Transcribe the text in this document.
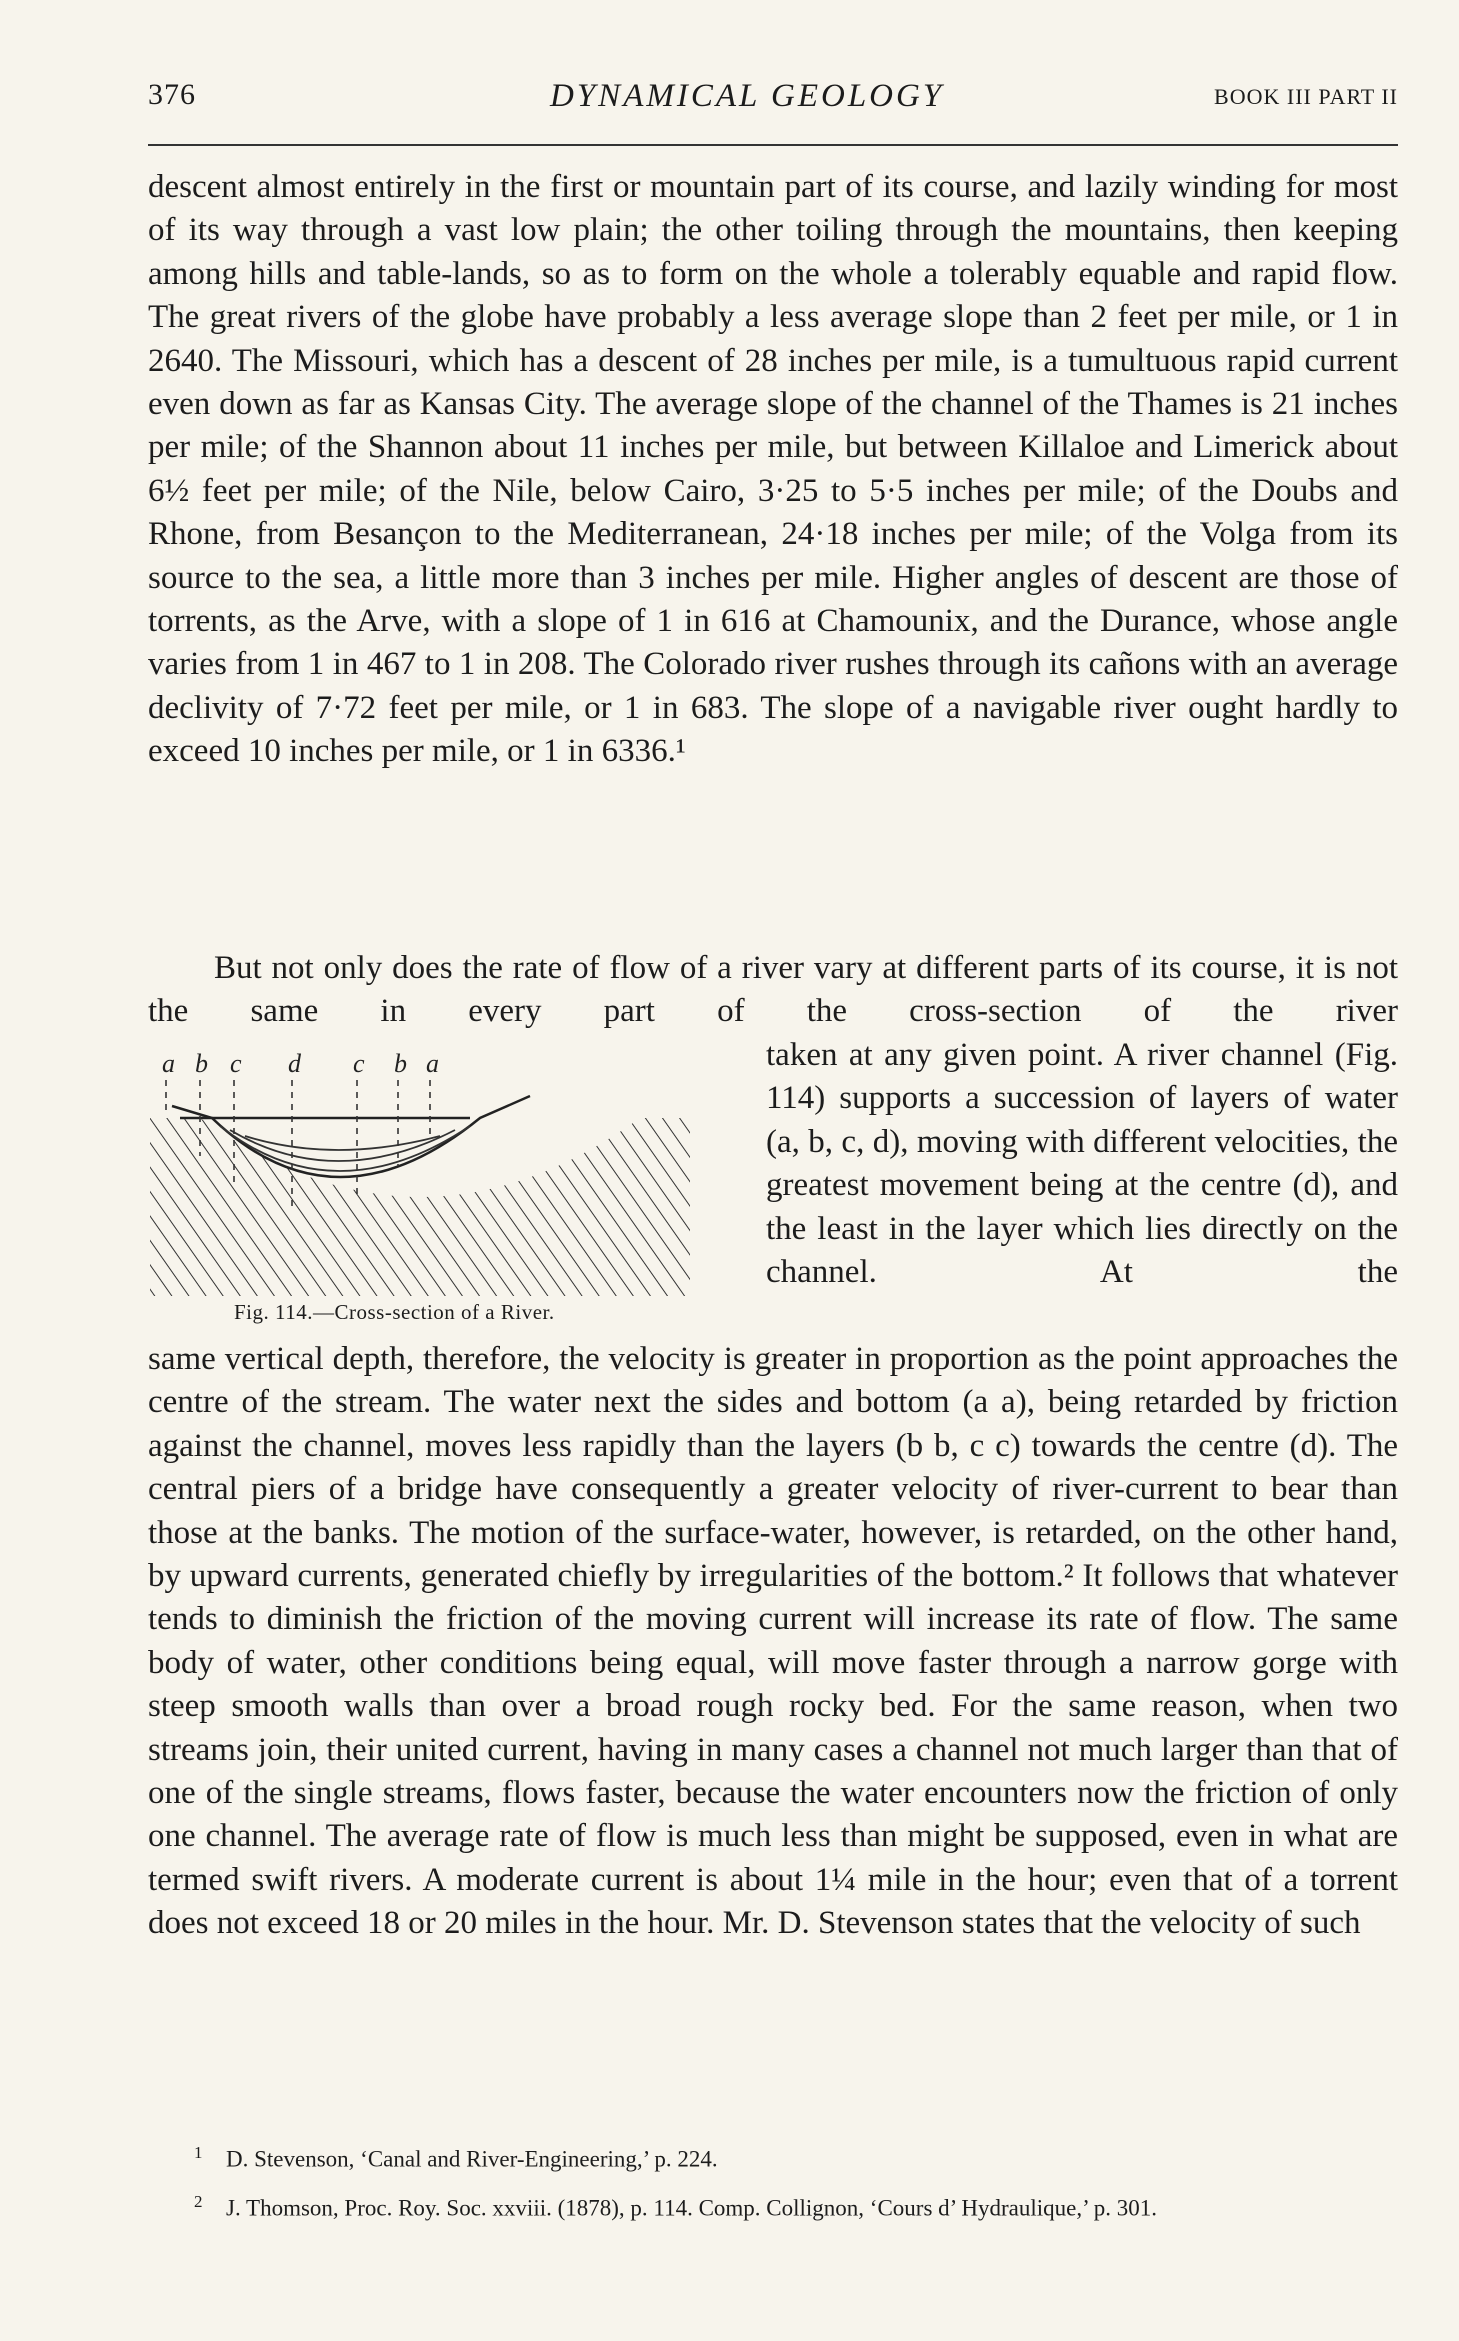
376	DYNAMICAL GEOLOGY	BOOK III PART II

descent almost entirely in the first or mountain part of its course, and lazily winding for most of its way through a vast low plain; the other toiling through the mountains, then keeping among hills and table-lands, so as to form on the whole a tolerably equable and rapid flow. The great rivers of the globe have probably a less average slope than 2 feet per mile, or 1 in 2640. The Missouri, which has a descent of 28 inches per mile, is a tumultuous rapid current even down as far as Kansas City. The average slope of the channel of the Thames is 21 inches per mile; of the Shannon about 11 inches per mile, but between Killaloe and Limerick about 6½ feet per mile; of the Nile, below Cairo, 3·25 to 5·5 inches per mile; of the Doubs and Rhone, from Besançon to the Mediterranean, 24·18 inches per mile; of the Volga from its source to the sea, a little more than 3 inches per mile. Higher angles of descent are those of torrents, as the Arve, with a slope of 1 in 616 at Chamounix, and the Durance, whose angle varies from 1 in 467 to 1 in 208. The Colorado river rushes through its cañons with an average declivity of 7·72 feet per mile, or 1 in 683. The slope of a navigable river ought hardly to exceed 10 inches per mile, or 1 in 6336.¹

But not only does the rate of flow of a river vary at different parts of its course, it is not the same in every part of the cross-section of the river

a b c d c b a
Fig. 114.—Cross-section of a River.

taken at any given point. A river channel (Fig. 114) supports a succession of layers of water (a, b, c, d), moving with different velocities, the greatest movement being at the centre (d), and the least in the layer which lies directly on the channel. At the

same vertical depth, therefore, the velocity is greater in proportion as the point approaches the centre of the stream. The water next the sides and bottom (a a), being retarded by friction against the channel, moves less rapidly than the layers (b b, c c) towards the centre (d). The central piers of a bridge have consequently a greater velocity of river-current to bear than those at the banks. The motion of the surface-water, however, is retarded, on the other hand, by upward currents, generated chiefly by irregularities of the bottom.² It follows that whatever tends to diminish the friction of the moving current will increase its rate of flow. The same body of water, other conditions being equal, will move faster through a narrow gorge with steep smooth walls than over a broad rough rocky bed. For the same reason, when two streams join, their united current, having in many cases a channel not much larger than that of one of the single streams, flows faster, because the water encounters now the friction of only one channel. The average rate of flow is much less than might be supposed, even in what are termed swift rivers. A moderate current is about 1¼ mile in the hour; even that of a torrent does not exceed 18 or 20 miles in the hour. Mr. D. Stevenson states that the velocity of such

1 D. Stevenson, ‘Canal and River-Engineering,’ p. 224.

2 J. Thomson, Proc. Roy. Soc. xxviii. (1878), p. 114. Comp. Collignon, ‘Cours d’ Hydraulique,’ p. 301.
